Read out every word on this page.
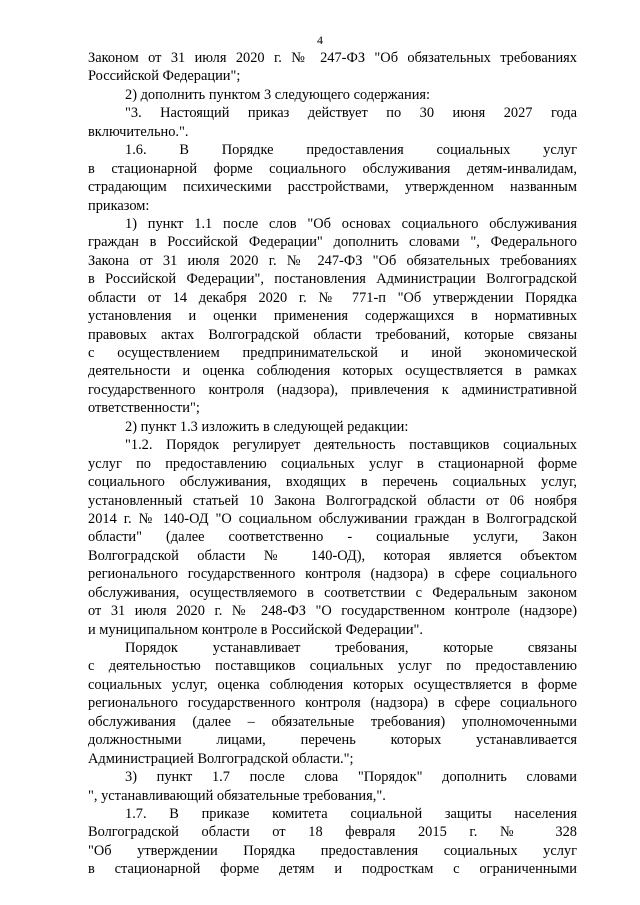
4
Законом от 31 июля 2020 г. № 247-ФЗ "Об обязательных требованиях
Российской Федерации";
2) дополнить пунктом 3 следующего содержания:
"3. Настоящий приказ действует по 30 июня 2027 года
включительно.".
1.6. В Порядке предоставления социальных услуг
в стационарной форме социального обслуживания детям-инвалидам,
страдающим психическими расстройствами, утвержденном названным
приказом:
1) пункт 1.1 после слов "Об основах социального обслуживания
граждан в Российской Федерации" дополнить словами ", Федерального
Закона от 31 июля 2020 г. № 247-ФЗ "Об обязательных требованиях
в Российской Федерации", постановления Администрации Волгоградской
области от 14 декабря 2020 г. № 771-п "Об утверждении Порядка
установления и оценки применения содержащихся в нормативных
правовых актах Волгоградской области требований, которые связаны
с осуществлением предпринимательской и иной экономической
деятельности и оценка соблюдения которых осуществляется в рамках
государственного контроля (надзора), привлечения к административной
ответственности";
2) пункт 1.3 изложить в следующей редакции:
"1.2. Порядок регулирует деятельность поставщиков социальных
услуг по предоставлению социальных услуг в стационарной форме
социального обслуживания, входящих в перечень социальных услуг,
установленный статьей 10 Закона Волгоградской области от 06 ноября
2014 г. № 140-ОД "О социальном обслуживании граждан в Волгоградской
области" (далее соответственно - социальные услуги, Закон
Волгоградской области № 140-ОД), которая является объектом
регионального государственного контроля (надзора) в сфере социального
обслуживания, осуществляемого в соответствии с Федеральным законом
от 31 июля 2020 г. № 248-ФЗ "О государственном контроле (надзоре)
и муниципальном контроле в Российской Федерации".
Порядок устанавливает требования, которые связаны
с деятельностью поставщиков социальных услуг по предоставлению
социальных услуг, оценка соблюдения которых осуществляется в форме
регионального государственного контроля (надзора) в сфере социального
обслуживания (далее – обязательные требования) уполномоченными
должностными лицами, перечень которых устанавливается
Администрацией Волгоградской области.";
3) пункт 1.7 после слова "Порядок" дополнить словами
", устанавливающий обязательные требования,".
1.7. В приказе комитета социальной защиты населения
Волгоградской области от 18 февраля 2015 г. № 328
"Об утверждении Порядка предоставления социальных услуг
в стационарной форме детям и подросткам с ограниченными
